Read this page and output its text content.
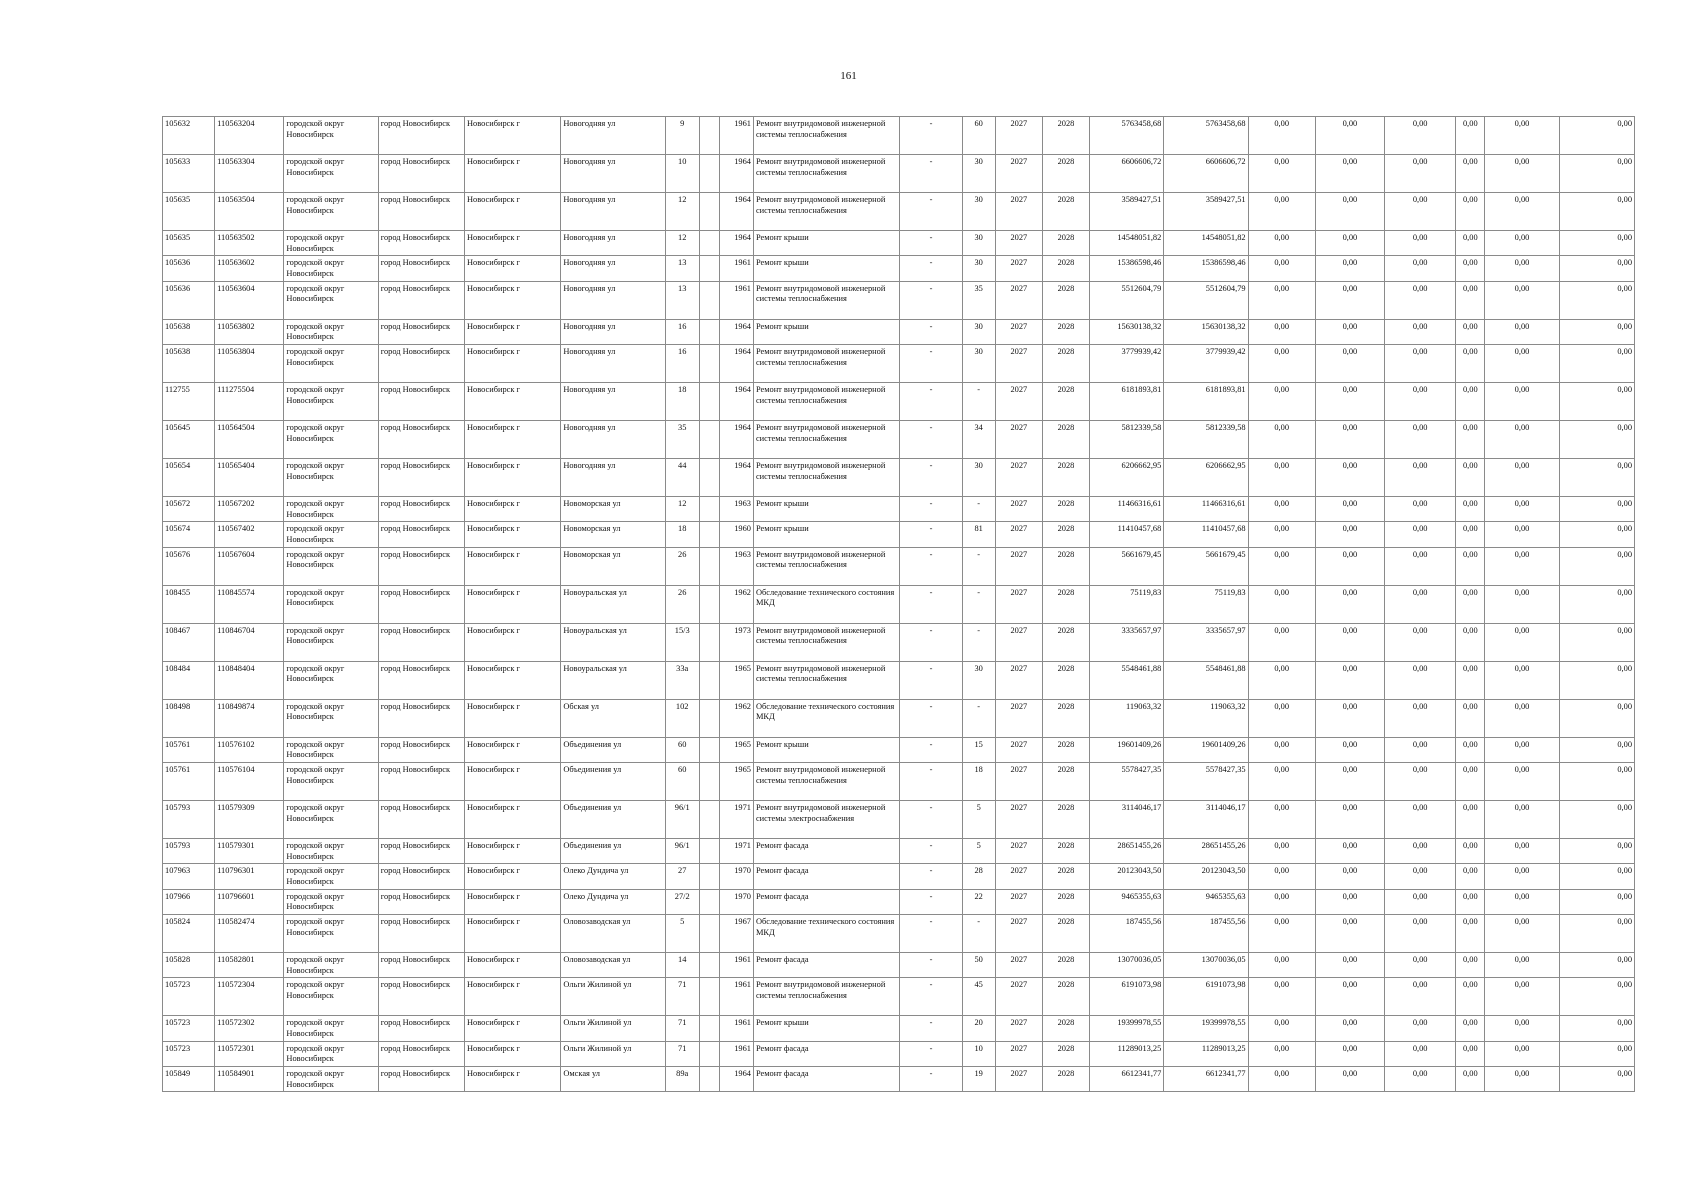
161
105632	110563204	городской округ Новосибирск	город Новосибирск	Новосибирск г	Новогодняя ул	9		1961	Ремонт внутридомовой инженерной системы теплоснабжения	-	60	2027	2028	5763458,68	5763458,68	0,00	0,00	0,00	0,00	0,00	0,00
105633	110563304	городской округ Новосибирск	город Новосибирск	Новосибирск г	Новогодняя ул	10		1964	Ремонт внутридомовой инженерной системы теплоснабжения	-	30	2027	2028	6606606,72	6606606,72	0,00	0,00	0,00	0,00	0,00	0,00
105635	110563504	городской округ Новосибирск	город Новосибирск	Новосибирск г	Новогодняя ул	12		1964	Ремонт внутридомовой инженерной системы теплоснабжения	-	30	2027	2028	3589427,51	3589427,51	0,00	0,00	0,00	0,00	0,00	0,00
105635	110563502	городской округ Новосибирск	город Новосибирск	Новосибирск г	Новогодняя ул	12		1964	Ремонт крыши	-	30	2027	2028	14548051,82	14548051,82	0,00	0,00	0,00	0,00	0,00	0,00
105636	110563602	городской округ Новосибирск	город Новосибирск	Новосибирск г	Новогодняя ул	13		1961	Ремонт крыши	-	30	2027	2028	15386598,46	15386598,46	0,00	0,00	0,00	0,00	0,00	0,00
105636	110563604	городской округ Новосибирск	город Новосибирск	Новосибирск г	Новогодняя ул	13		1961	Ремонт внутридомовой инженерной системы теплоснабжения	-	35	2027	2028	5512604,79	5512604,79	0,00	0,00	0,00	0,00	0,00	0,00
105638	110563802	городской округ Новосибирск	город Новосибирск	Новосибирск г	Новогодняя ул	16		1964	Ремонт крыши	-	30	2027	2028	15630138,32	15630138,32	0,00	0,00	0,00	0,00	0,00	0,00
105638	110563804	городской округ Новосибирск	город Новосибирск	Новосибирск г	Новогодняя ул	16		1964	Ремонт внутридомовой инженерной системы теплоснабжения	-	30	2027	2028	3779939,42	3779939,42	0,00	0,00	0,00	0,00	0,00	0,00
112755	111275504	городской округ Новосибирск	город Новосибирск	Новосибирск г	Новогодняя ул	18		1964	Ремонт внутридомовой инженерной системы теплоснабжения	-	-	2027	2028	6181893,81	6181893,81	0,00	0,00	0,00	0,00	0,00	0,00
105645	110564504	городской округ Новосибирск	город Новосибирск	Новосибирск г	Новогодняя ул	35		1964	Ремонт внутридомовой инженерной системы теплоснабжения	-	34	2027	2028	5812339,58	5812339,58	0,00	0,00	0,00	0,00	0,00	0,00
105654	110565404	городской округ Новосибирск	город Новосибирск	Новосибирск г	Новогодняя ул	44		1964	Ремонт внутридомовой инженерной системы теплоснабжения	-	30	2027	2028	6206662,95	6206662,95	0,00	0,00	0,00	0,00	0,00	0,00
105672	110567202	городской округ Новосибирск	город Новосибирск	Новосибирск г	Новоморская ул	12		1963	Ремонт крыши	-	-	2027	2028	11466316,61	11466316,61	0,00	0,00	0,00	0,00	0,00	0,00
105674	110567402	городской округ Новосибирск	город Новосибирск	Новосибирск г	Новоморская ул	18		1960	Ремонт крыши	-	81	2027	2028	11410457,68	11410457,68	0,00	0,00	0,00	0,00	0,00	0,00
105676	110567604	городской округ Новосибирск	город Новосибирск	Новосибирск г	Новоморская ул	26		1963	Ремонт внутридомовой инженерной системы теплоснабжения	-	-	2027	2028	5661679,45	5661679,45	0,00	0,00	0,00	0,00	0,00	0,00
108455	110845574	городской округ Новосибирск	город Новосибирск	Новосибирск г	Новоуральская ул	26		1962	Обследование технического состояния МКД	-	-	2027	2028	75119,83	75119,83	0,00	0,00	0,00	0,00	0,00	0,00
108467	110846704	городской округ Новосибирск	город Новосибирск	Новосибирск г	Новоуральская ул	15/3		1973	Ремонт внутридомовой инженерной системы теплоснабжения	-	-	2027	2028	3335657,97	3335657,97	0,00	0,00	0,00	0,00	0,00	0,00
108484	110848404	городской округ Новосибирск	город Новосибирск	Новосибирск г	Новоуральская ул	33а		1965	Ремонт внутридомовой инженерной системы теплоснабжения	-	30	2027	2028	5548461,88	5548461,88	0,00	0,00	0,00	0,00	0,00	0,00
108498	110849874	городской округ Новосибирск	город Новосибирск	Новосибирск г	Обская ул	102		1962	Обследование технического состояния МКД	-	-	2027	2028	119063,32	119063,32	0,00	0,00	0,00	0,00	0,00	0,00
105761	110576102	городской округ Новосибирск	город Новосибирск	Новосибирск г	Объединения ул	60		1965	Ремонт крыши	-	15	2027	2028	19601409,26	19601409,26	0,00	0,00	0,00	0,00	0,00	0,00
105761	110576104	городской округ Новосибирск	город Новосибирск	Новосибирск г	Объединения ул	60		1965	Ремонт внутридомовой инженерной системы теплоснабжения	-	18	2027	2028	5578427,35	5578427,35	0,00	0,00	0,00	0,00	0,00	0,00
105793	110579309	городской округ Новосибирск	город Новосибирск	Новосибирск г	Объединения ул	96/1		1971	Ремонт внутридомовой инженерной системы электроснабжения	-	5	2027	2028	3114046,17	3114046,17	0,00	0,00	0,00	0,00	0,00	0,00
105793	110579301	городской округ Новосибирск	город Новосибирск	Новосибирск г	Объединения ул	96/1		1971	Ремонт фасада	-	5	2027	2028	28651455,26	28651455,26	0,00	0,00	0,00	0,00	0,00	0,00
107963	110796301	городской округ Новосибирск	город Новосибирск	Новосибирск г	Олеко Дундича ул	27		1970	Ремонт фасада	-	28	2027	2028	20123043,50	20123043,50	0,00	0,00	0,00	0,00	0,00	0,00
107966	110796601	городской округ Новосибирск	город Новосибирск	Новосибирск г	Олеко Дундича ул	27/2		1970	Ремонт фасада	-	22	2027	2028	9465355,63	9465355,63	0,00	0,00	0,00	0,00	0,00	0,00
105824	110582474	городской округ Новосибирск	город Новосибирск	Новосибирск г	Оловозаводская ул	5		1967	Обследование технического состояния МКД	-	-	2027	2028	187455,56	187455,56	0,00	0,00	0,00	0,00	0,00	0,00
105828	110582801	городской округ Новосибирск	город Новосибирск	Новосибирск г	Оловозаводская ул	14		1961	Ремонт фасада	-	50	2027	2028	13070036,05	13070036,05	0,00	0,00	0,00	0,00	0,00	0,00
105723	110572304	городской округ Новосибирск	город Новосибирск	Новосибирск г	Ольги Жилиной ул	71		1961	Ремонт внутридомовой инженерной системы теплоснабжения	-	45	2027	2028	6191073,98	6191073,98	0,00	0,00	0,00	0,00	0,00	0,00
105723	110572302	городской округ Новосибирск	город Новосибирск	Новосибирск г	Ольги Жилиной ул	71		1961	Ремонт крыши	-	20	2027	2028	19399978,55	19399978,55	0,00	0,00	0,00	0,00	0,00	0,00
105723	110572301	городской округ Новосибирск	город Новосибирск	Новосибирск г	Ольги Жилиной ул	71		1961	Ремонт фасада	-	10	2027	2028	11289013,25	11289013,25	0,00	0,00	0,00	0,00	0,00	0,00
105849	110584901	городской округ Новосибирск	город Новосибирск	Новосибирск г	Омская ул	89а		1964	Ремонт фасада	-	19	2027	2028	6612341,77	6612341,77	0,00	0,00	0,00	0,00	0,00	0,00
